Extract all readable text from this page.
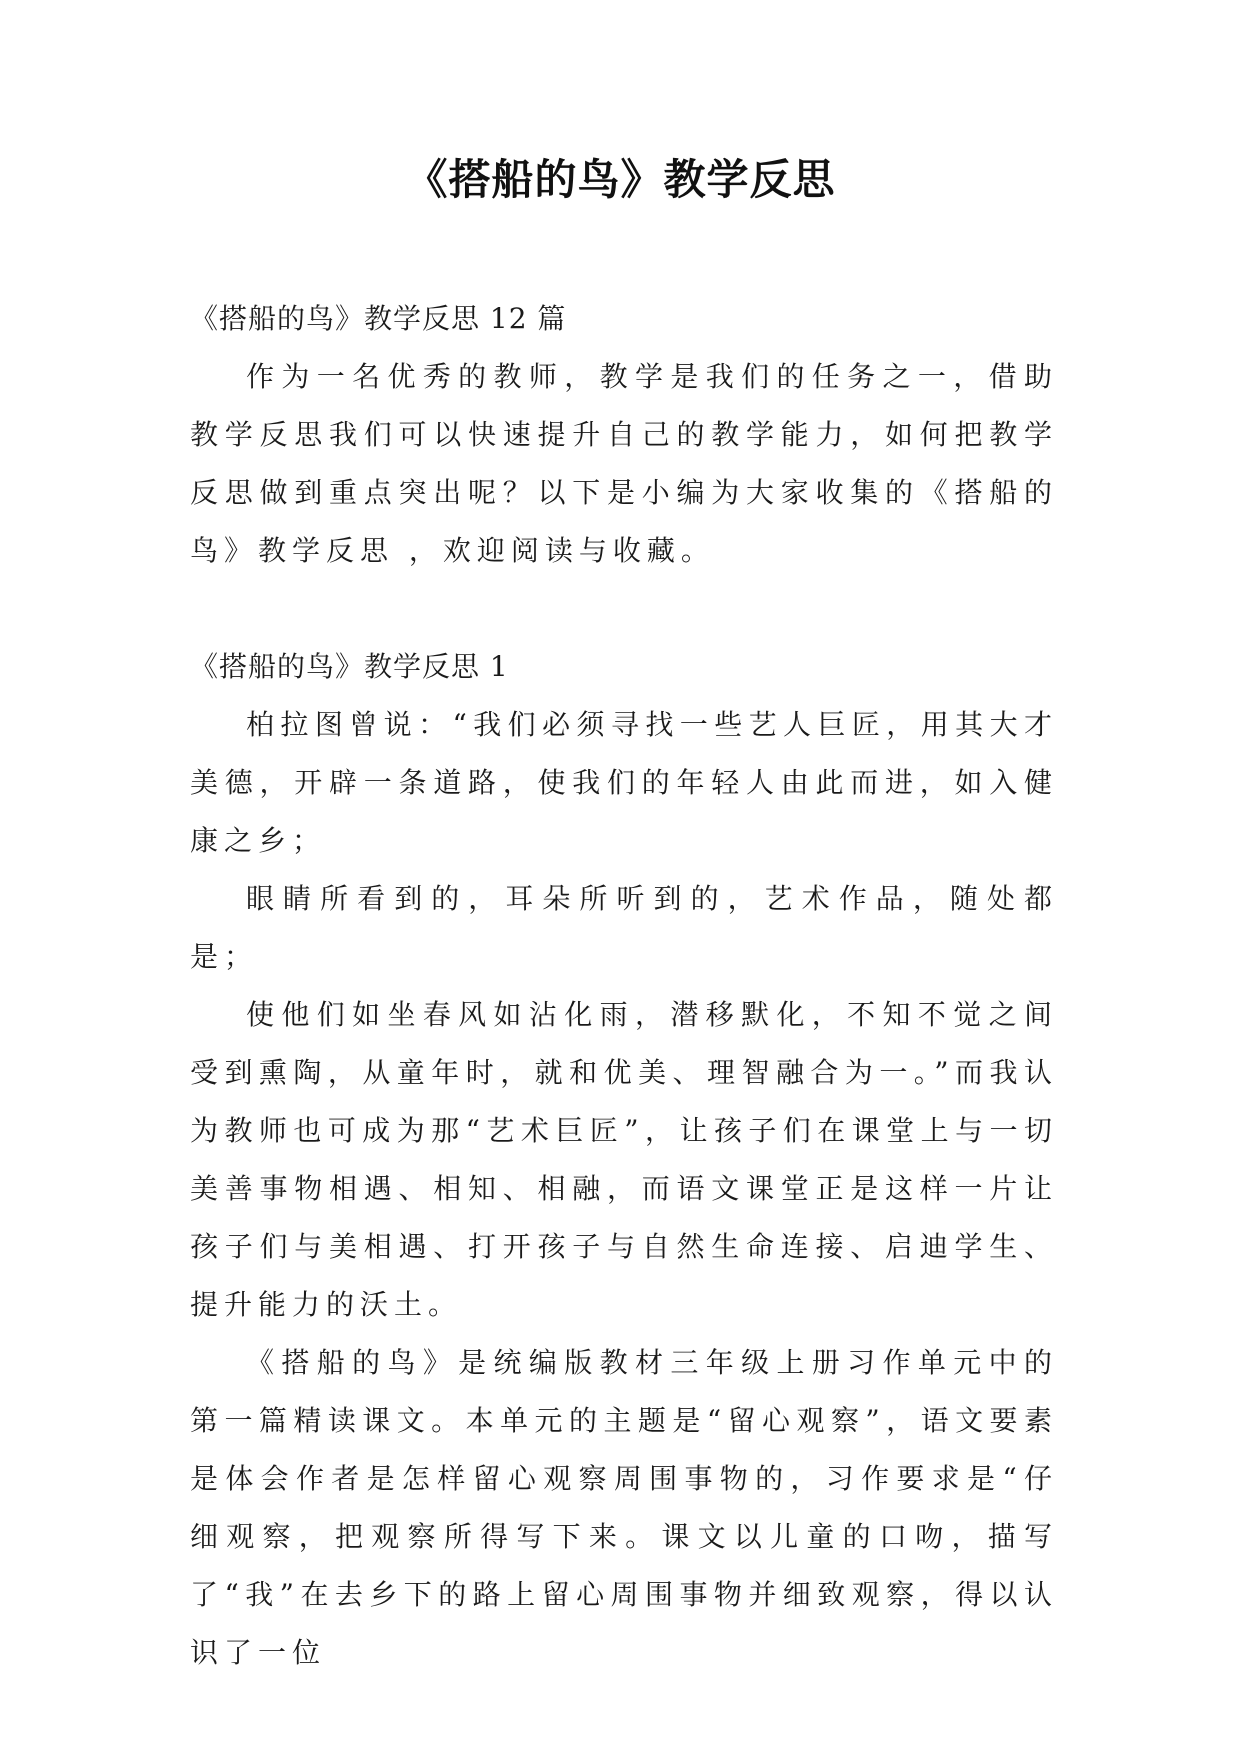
《搭船的鸟》教学反思

《搭船的鸟》教学反思 12 篇

作为一名优秀的教师，教学是我们的任务之一，借助教学反思我们可以快速提升自己的教学能力，如何把教学反思做到重点突出呢？以下是小编为大家收集的《搭船的鸟》教学反思 ，欢迎阅读与收藏。

《搭船的鸟》教学反思 1

柏拉图曾说：“我们必须寻找一些艺人巨匠，用其大才美德，开辟一条道路，使我们的年轻人由此而进，如入健康之乡；

眼睛所看到的，耳朵所听到的，艺术作品，随处都是；

使他们如坐春风如沾化雨，潜移默化，不知不觉之间受到熏陶，从童年时，就和优美、理智融合为一。”而我认为教师也可成为那“艺术巨匠”，让孩子们在课堂上与一切美善事物相遇、相知、相融，而语文课堂正是这样一片让孩子们与美相遇、打开孩子与自然生命连接、启迪学生、提升能力的沃土。

《搭船的鸟》是统编版教材三年级上册习作单元中的第一篇精读课文。本单元的主题是“留心观察”，语文要素是体会作者是怎样留心观察周围事物的，习作要求是“仔细观察，把观察所得写下来。课文以儿童的口吻，描写了“我”在去乡下的路上留心周围事物并细致观察，得以认识了一位
